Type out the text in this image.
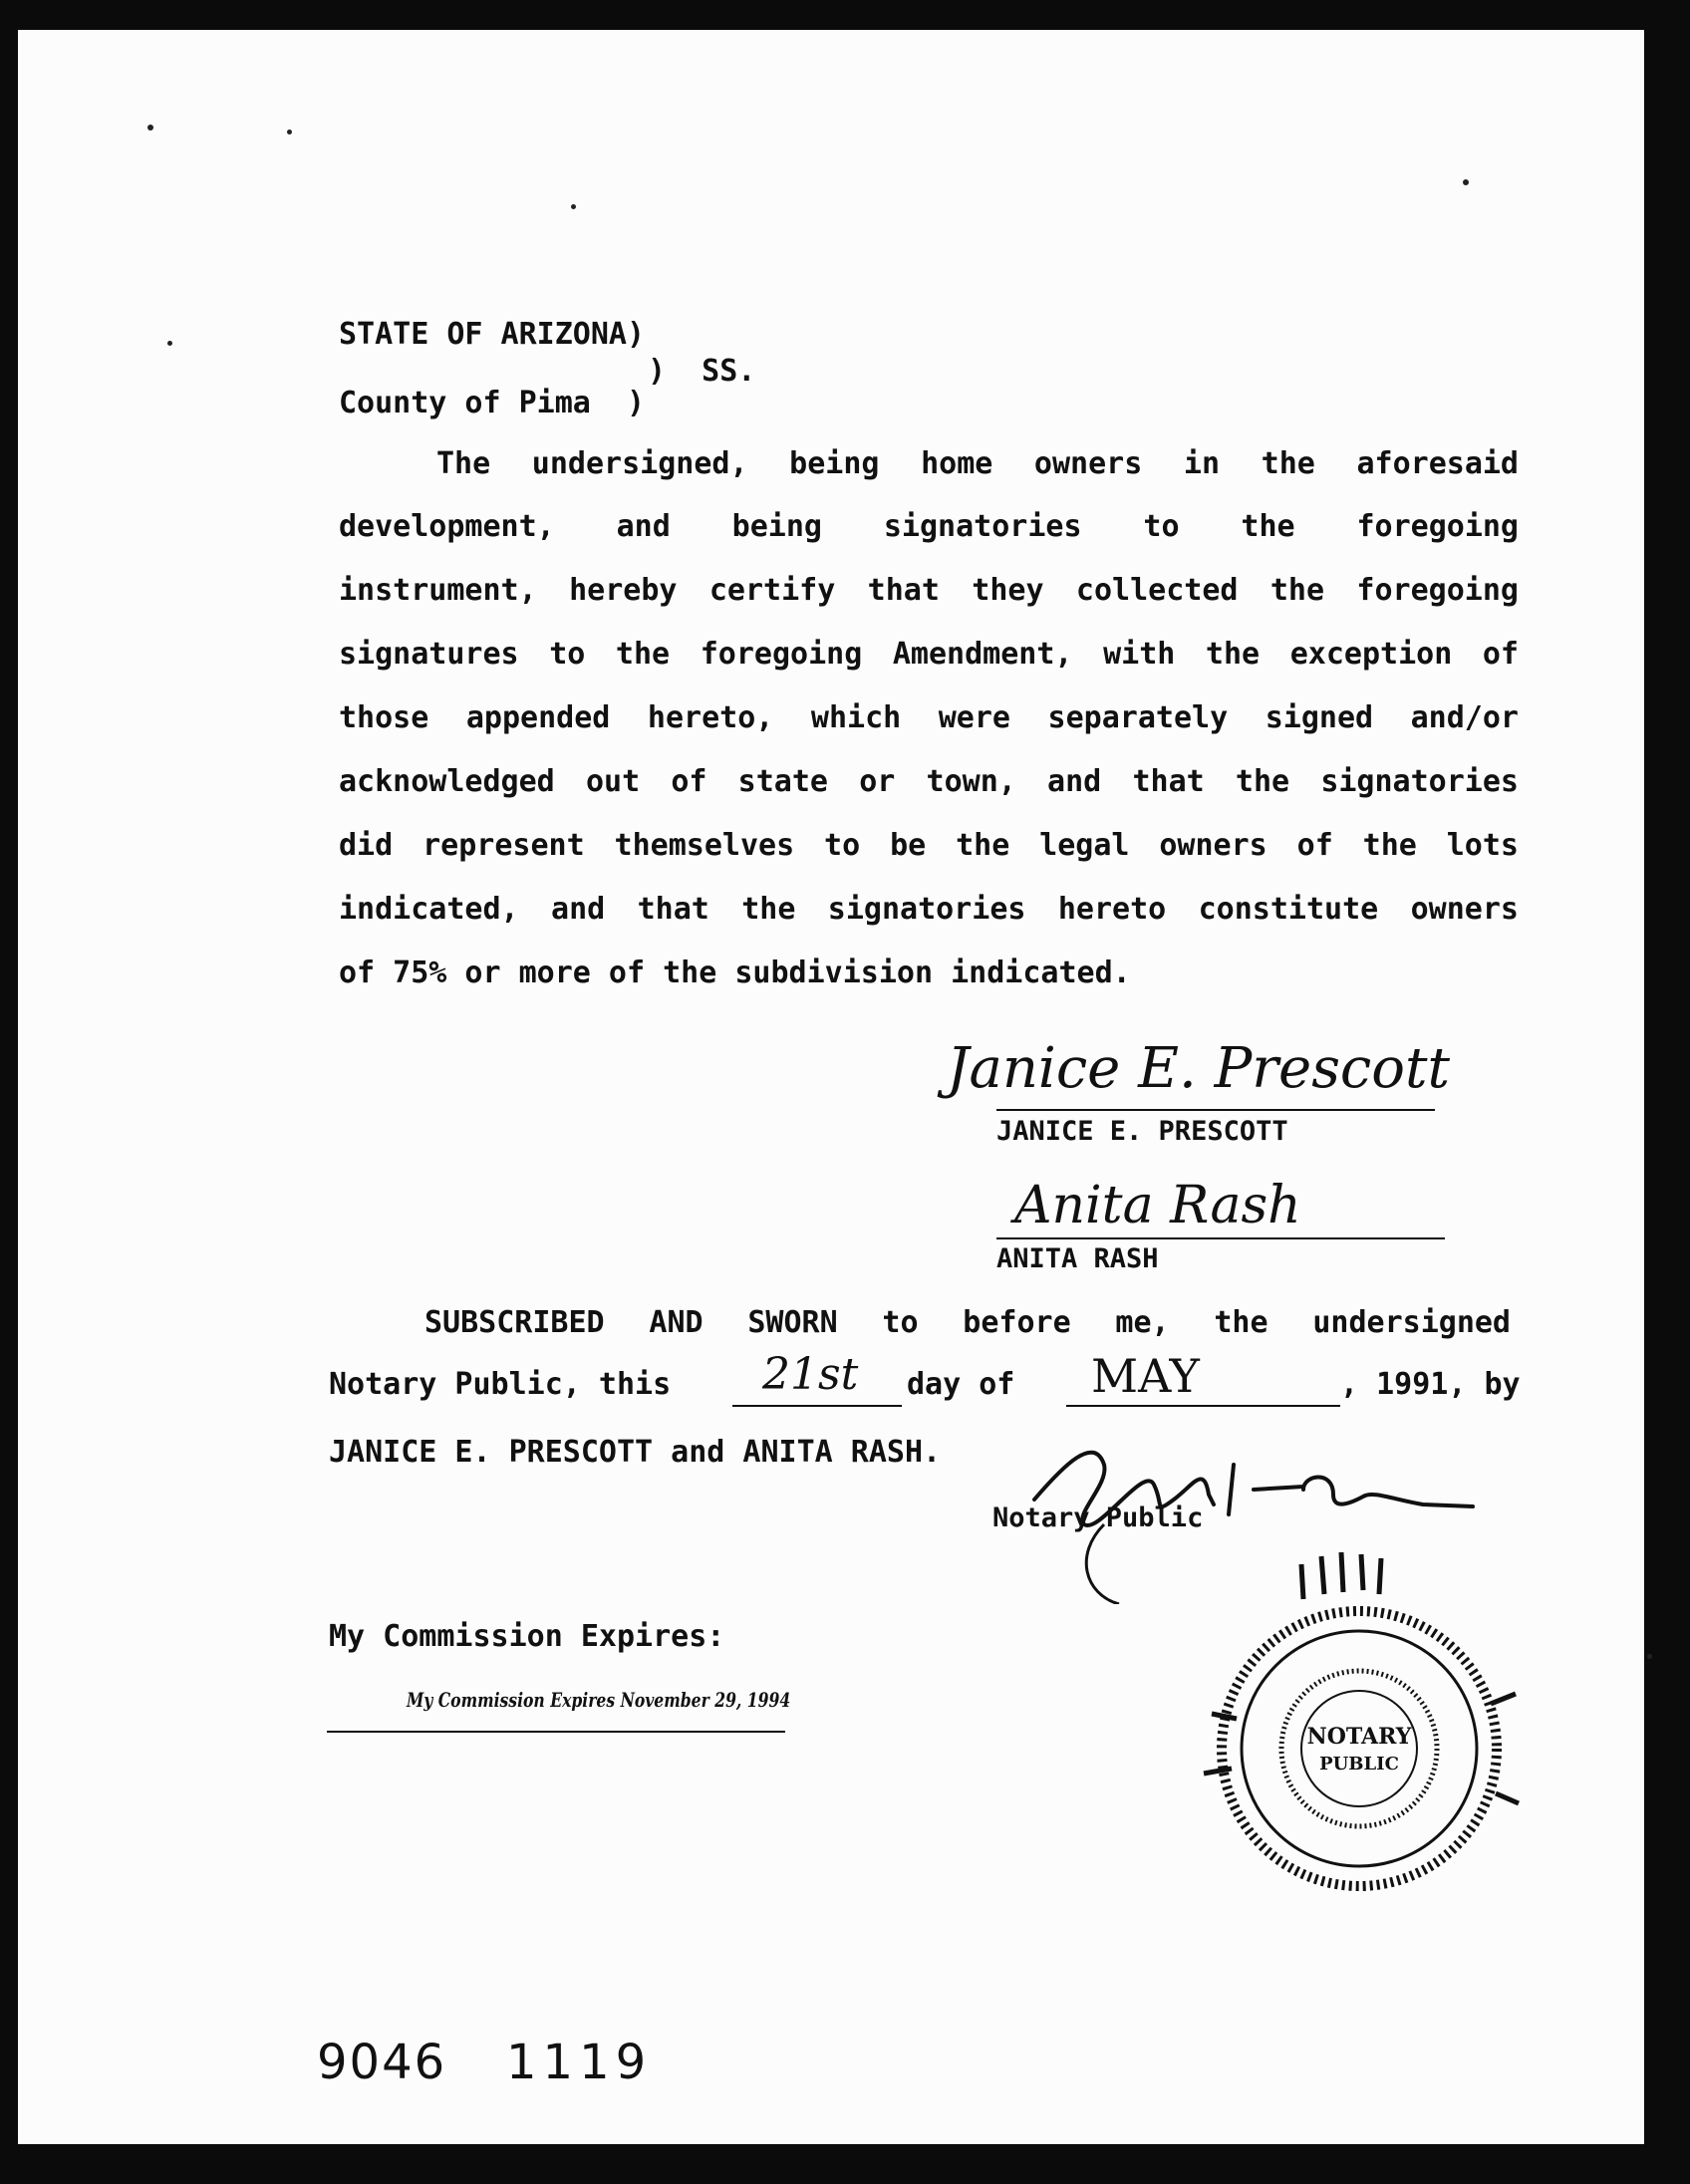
STATE OF ARIZONA)
)  SS.
County of Pima  )
The undersigned, being home owners in the aforesaid
development, and being signatories to the foregoing
instrument, hereby certify that they collected the foregoing
signatures to the foregoing Amendment, with the exception of
those appended hereto, which were separately signed and/or
acknowledged out of state or town, and that the signatories
did represent themselves to be the legal owners of the lots
indicated, and that the signatories hereto constitute owners
of 75% or more of the subdivision indicated.
Janice E. Prescott
JANICE E. PRESCOTT
Anita Rash
ANITA RASH
SUBSCRIBED AND SWORN to before me, the undersigned
Notary Public, this 21st day of MAY	, 1991, by
JANICE E. PRESCOTT and ANITA RASH.
Notary Public
My Commission Expires:
My Commission Expires November 29, 1994
NOTARY
PUBLIC
9046 1119
